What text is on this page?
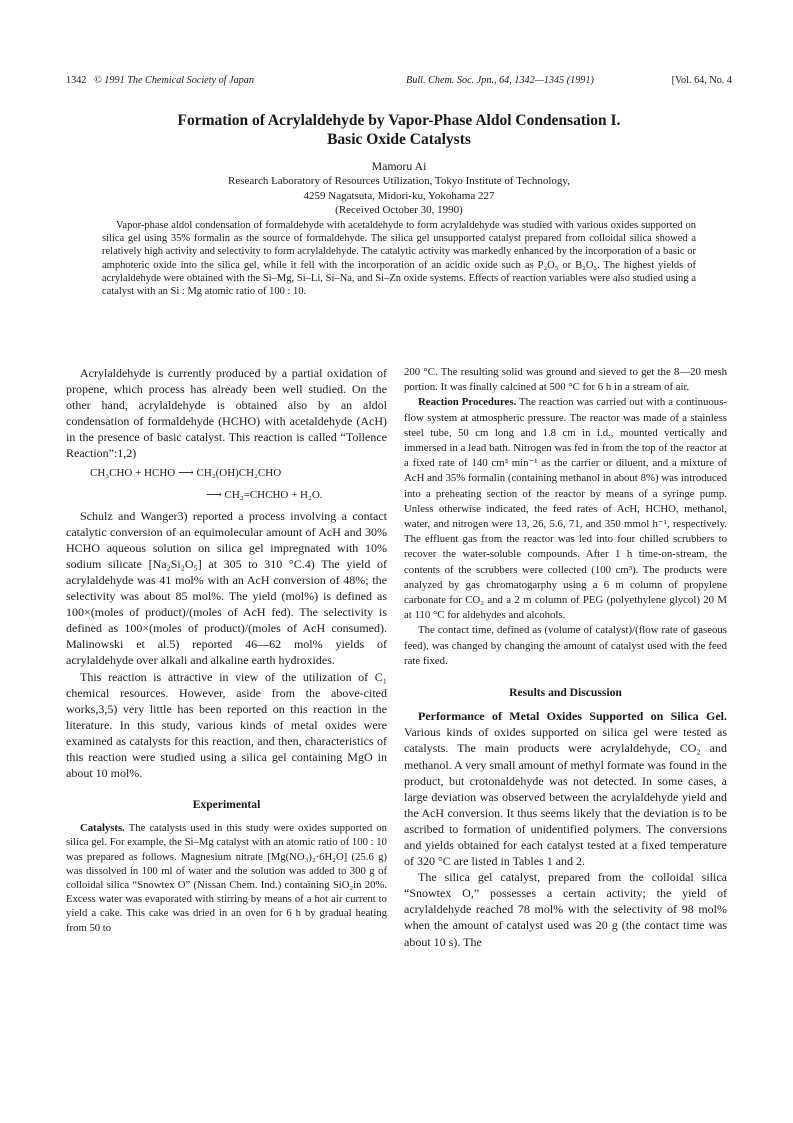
1342 © 1991 The Chemical Society of Japan	Bull. Chem. Soc. Jpn., 64, 1342—1345 (1991)	[Vol. 64, No. 4
Formation of Acrylaldehyde by Vapor-Phase Aldol Condensation I.
Basic Oxide Catalysts
Mamoru Ai
Research Laboratory of Resources Utilization, Tokyo Institute of Technology,
4259 Nagatsuta, Midori-ku, Yokohama 227
(Received October 30, 1990)

Vapor-phase aldol condensation of formaldehyde with acetaldehyde to form acrylaldehyde was studied with various oxides supported on silica gel using 35% formalin as the source of formaldehyde. The silica gel unsupported catalyst prepared from colloidal silica showed a relatively high activity and selectivity to form acrylaldehyde. The catalytic activity was markedly enhanced by the incorporation of a basic or amphoteric oxide into the silica gel, while it fell with the incorporation of an acidic oxide such as P₂O₅ or B₂O₃. The highest yields of acrylaldehyde were obtained with the Si–Mg, Si–Li, Si–Na, and Si–Zn oxide systems. Effects of reaction variables were also studied using a catalyst with an Si : Mg atomic ratio of 100 : 10.

Acrylaldehyde is currently produced by a partial oxidation of propene, which process has already been well studied. On the other hand, acrylaldehyde is obtained also by an aldol condensation of formaldehyde (HCHO) with acetaldehyde (AcH) in the presence of basic catalyst. This reaction is called “Tollence Reaction”:1,2)

CH₃CHO + HCHO ⟶ CH₂(OH)CH₂CHO
⟶ CH₂=CHCHO + H₂O.

Schulz and Wanger3) reported a process involving a contact catalytic conversion of an equimolecular amount of AcH and 30% HCHO aqueous solution on silica gel impregnated with 10% sodium silicate [Na₂Si₂O₅] at 305 to 310 °C.4) The yield of acrylaldehyde was 41 mol% with an AcH conversion of 48%; the selectivity was about 85 mol%. The yield (mol%) is defined as 100×(moles of product)/(moles of AcH fed). The selectivity is defined as 100×(moles of product)/(moles of AcH consumed). Malinowski et al.5) reported 46—62 mol% yields of acrylaldehyde over alkali and alkaline earth hydroxides.

This reaction is attractive in view of the utilization of C₁ chemical resources. However, aside from the above-cited works,3,5) very little has been reported on this reaction in the literature. In this study, various kinds of metal oxides were examined as catalysts for this reaction, and then, characteristics of this reaction were studied using a silica gel containing MgO in about 10 mol%.

Experimental

Catalysts. The catalysts used in this study were oxides supported on silica gel. For example, the Si–Mg catalyst with an atomic ratio of 100 : 10 was prepared as follows. Magnesium nitrate [Mg(NO₃)₂·6H₂O] (25.6 g) was dissolved in 100 ml of water and the solution was added to 300 g of colloidal silica “Snowtex O” (Nissan Chem. Ind.) containing SiO₂in 20%. Excess water was evaporated with stirring by means of a hot air current to yield a cake. This cake was dried in an oven for 6 h by gradual heating from 50 to

200 °C. The resulting solid was ground and sieved to get the 8—20 mesh portion. It was finally calcined at 500 °C for 6 h in a stream of air.

Reaction Procedures. The reaction was carried out with a continuous-flow system at atmospheric pressure. The reactor was made of a stainless steel tube, 50 cm long and 1.8 cm in i.d., mounted vertically and immersed in a lead bath. Nitrogen was fed in from the top of the reactor at a fixed rate of 140 cm³ min⁻¹ as the carrier or diluent, and a mixture of AcH and 35% formalin (containing methanol in about 8%) was introduced into a preheating section of the reactor by means of a syringe pump. Unless otherwise indicated, the feed rates of AcH, HCHO, methanol, water, and nitrogen were 13, 26, 5.6, 71, and 350 mmol h⁻¹, respectively. The effluent gas from the reactor was led into four chilled scrubbers to recover the water-soluble compounds. After 1 h time-on-stream, the contents of the scrubbers were collected (100 cm³). The products were analyzed by gas chromatogarphy using a 6 m column of propylene carbonate for CO₂ and a 2 m column of PEG (polyethylene glycol) 20 M at 110 °C for aldehydes and alcohols.

The contact time, defined as (volume of catalyst)/(flow rate of gaseous feed), was changed by changing the amount of catalyst used with the feed rate fixed.

Results and Discussion

Performance of Metal Oxides Supported on Silica Gel. Various kinds of oxides supported on silica gel were tested as catalysts. The main products were acrylaldehyde, CO₂ and methanol. A very small amount of methyl formate was found in the product, but crotonaldehyde was not detected. In some cases, a large deviation was observed between the acrylaldehyde yield and the AcH conversion. It thus seems likely that the deviation is to be ascribed to formation of unidentified polymers. The conversions and yields obtained for each catalyst tested at a fixed temperature of 320 °C are listed in Tables 1 and 2.

The silica gel catalyst, prepared from the colloidal silica “Snowtex O,” possesses a certain activity; the yield of acrylaldehyde reached 78 mol% with the selectivity of 98 mol% when the amount of catalyst used was 20 g (the contact time was about 10 s). The
